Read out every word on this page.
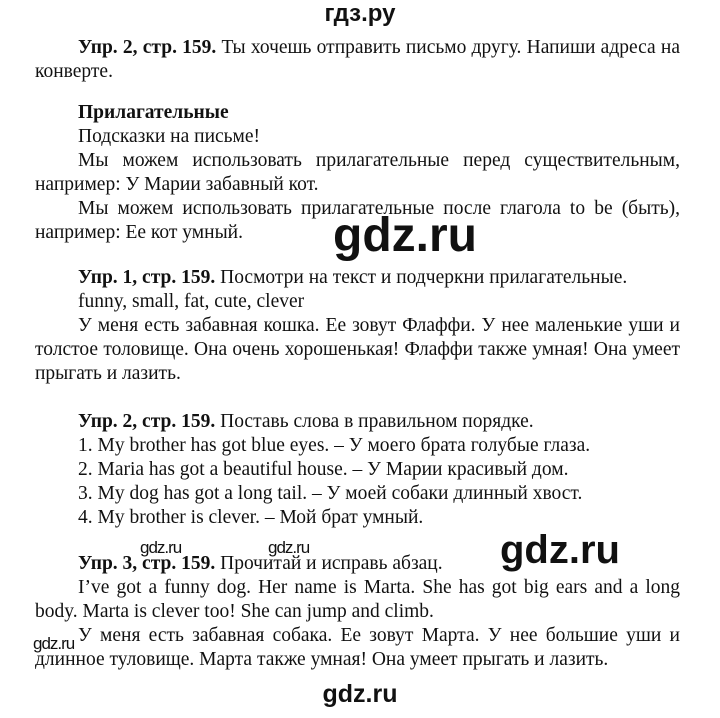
гдз.ру
Упр. 2, стр. 159. Ты хочешь отправить письмо другу. Напиши адреса на конверте.
Прилагательные
Подсказки на письме!
Мы можем использовать прилагательные перед существительным, например: У Марии забавный кот.
Мы можем использовать прилагательные после глагола to be (быть), например: Ее кот умный.
Упр. 1, стр. 159. Посмотри на текст и подчеркни прилагательные.
funny, small, fat, cute, clever
У меня есть забавная кошка. Ее зовут Флаффи. У нее маленькие уши и толстое толовище. Она очень хорошенькая! Флаффи также умная! Она умеет прыгать и лазить.
Упр. 2, стр. 159. Поставь слова в правильном порядке.
1. My brother has got blue eyes. – У моего брата голубые глаза.
2. Maria has got a beautiful house. – У Марии красивый дом.
3. My dog has got a long tail. – У моей собаки длинный хвост.
4. My brother is clever. – Мой брат умный.
Упр. 3, стр. 159. Прочитай и исправь абзац.
I’ve got a funny dog. Her name is Marta. She has got big ears and a long body. Marta is clever too! She can jump and climb.
У меня есть забавная собака. Ее зовут Марта. У нее большие уши и длинное туловище. Марта также умная! Она умеет прыгать и лазить.
gdz.ru
gdz.ru
gdz.ru
gdz.ru	gdz.ru
gdz.ru
